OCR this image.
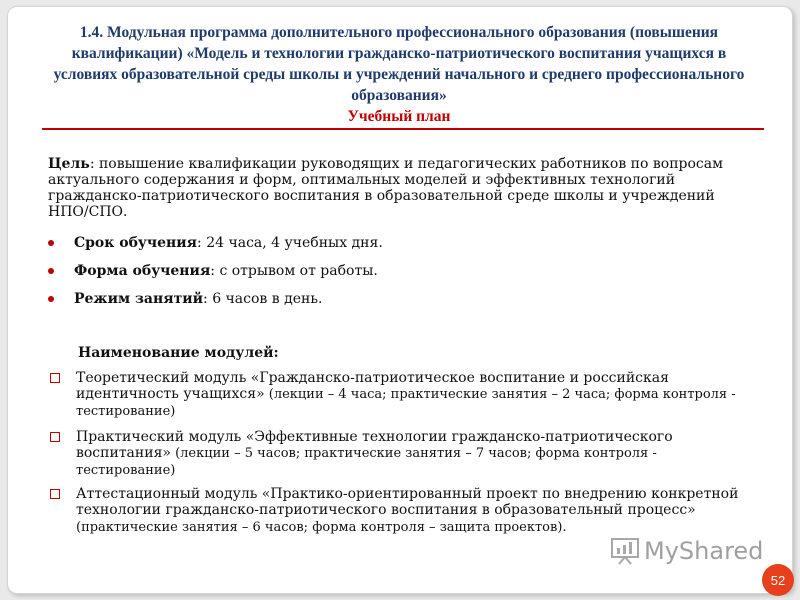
1.4. Модульная программа дополнительного профессионального образования (повышения квалификации) «Модель и технологии гражданско-патриотического воспитания учащихся в условиях образовательной среды школы и учреждений начального и среднего профессионального образования»
Учебный план
Цель: повышение квалификации руководящих и педагогических работников по вопросам актуального содержания и форм, оптимальных моделей и эффективных технологий гражданско-патриотического воспитания в образовательной среде школы и учреждений НПО/СПО.
Срок обучения: 24 часа, 4 учебных дня.
Форма обучения: с отрывом от работы.
Режим занятий: 6 часов в день.
Наименование модулей:
Теоретический модуль «Гражданско-патриотическое воспитание и российская идентичность учащихся» (лекции – 4 часа; практические занятия – 2 часа; форма контроля - тестирование)
Практический модуль «Эффективные технологии гражданско-патриотического воспитания» (лекции – 5 часов; практические занятия – 7 часов; форма контроля - тестирование)
Аттестационный модуль «Практико-ориентированный проект по внедрению конкретной технологии гражданско-патриотического воспитания в образовательный процесс» (практические занятия – 6 часов; форма контроля – защита проектов).
MyShared
52
